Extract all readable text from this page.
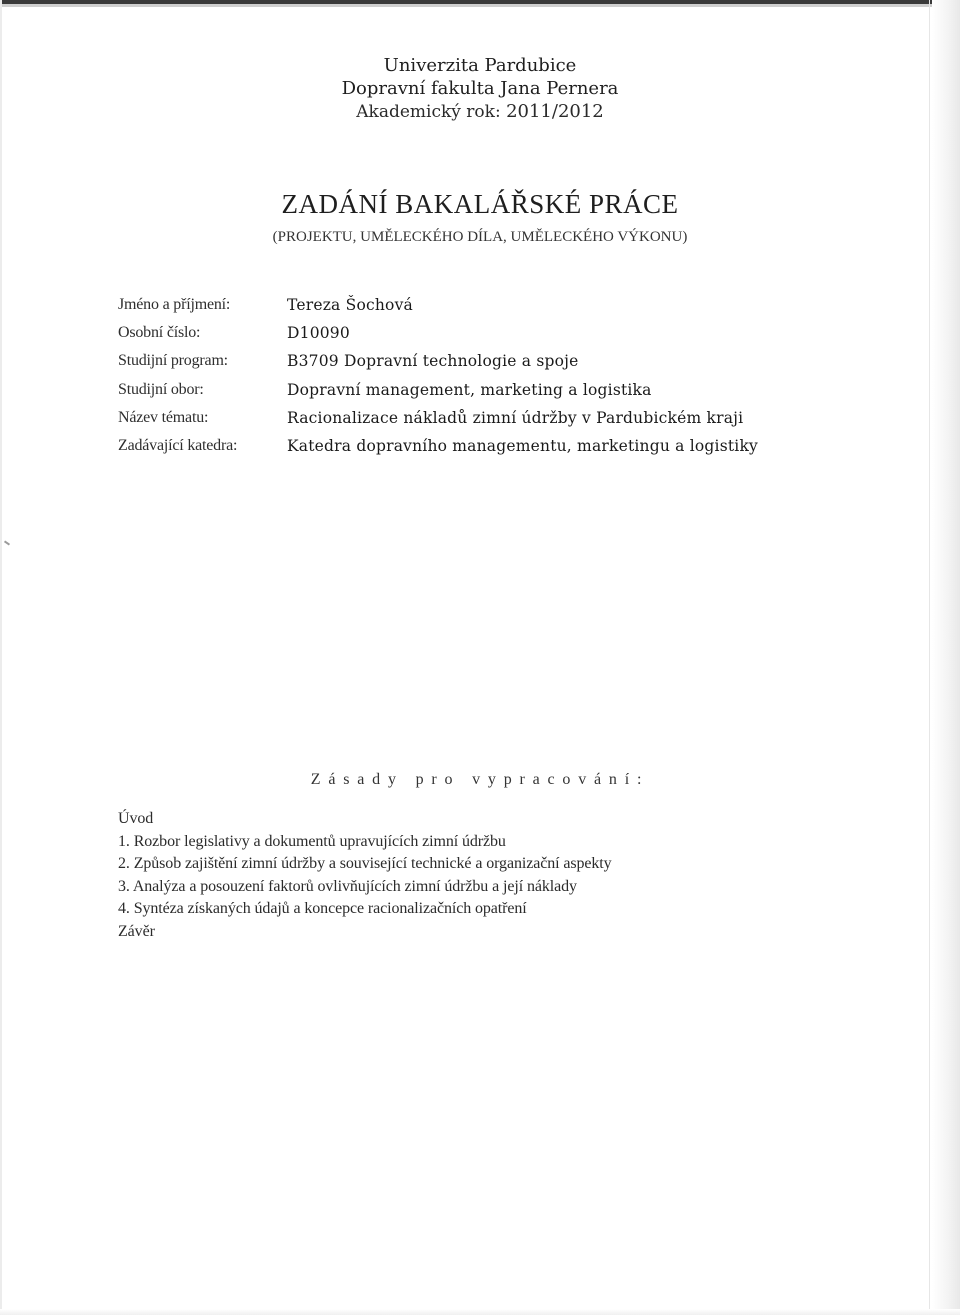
Univerzita Pardubice
Dopravní fakulta Jana Pernera
Akademický rok: 2011/2012
ZADÁNÍ BAKALÁŘSKÉ PRÁCE
(PROJEKTU, UMĚLECKÉHO DÍLA, UMĚLECKÉHO VÝKONU)
Jméno a příjmení:	Tereza Šochová
Osobní číslo:	D10090
Studijní program:	B3709 Dopravní technologie a spoje
Studijní obor:	Dopravní management, marketing a logistika
Název tématu:	Racionalizace nákladů zimní údržby v Pardubickém kraji
Zadávající katedra:	Katedra dopravního managementu, marketingu a logistiky
Zásady pro vypracování:
Úvod
1. Rozbor legislativy a dokumentů upravujících zimní údržbu
2. Způsob zajištění zimní údržby a související technické a organizační aspekty
3. Analýza a posouzení faktorů ovlivňujících zimní údržbu a její náklady
4. Syntéza získaných údajů a koncepce racionalizačních opatření
Závěr
